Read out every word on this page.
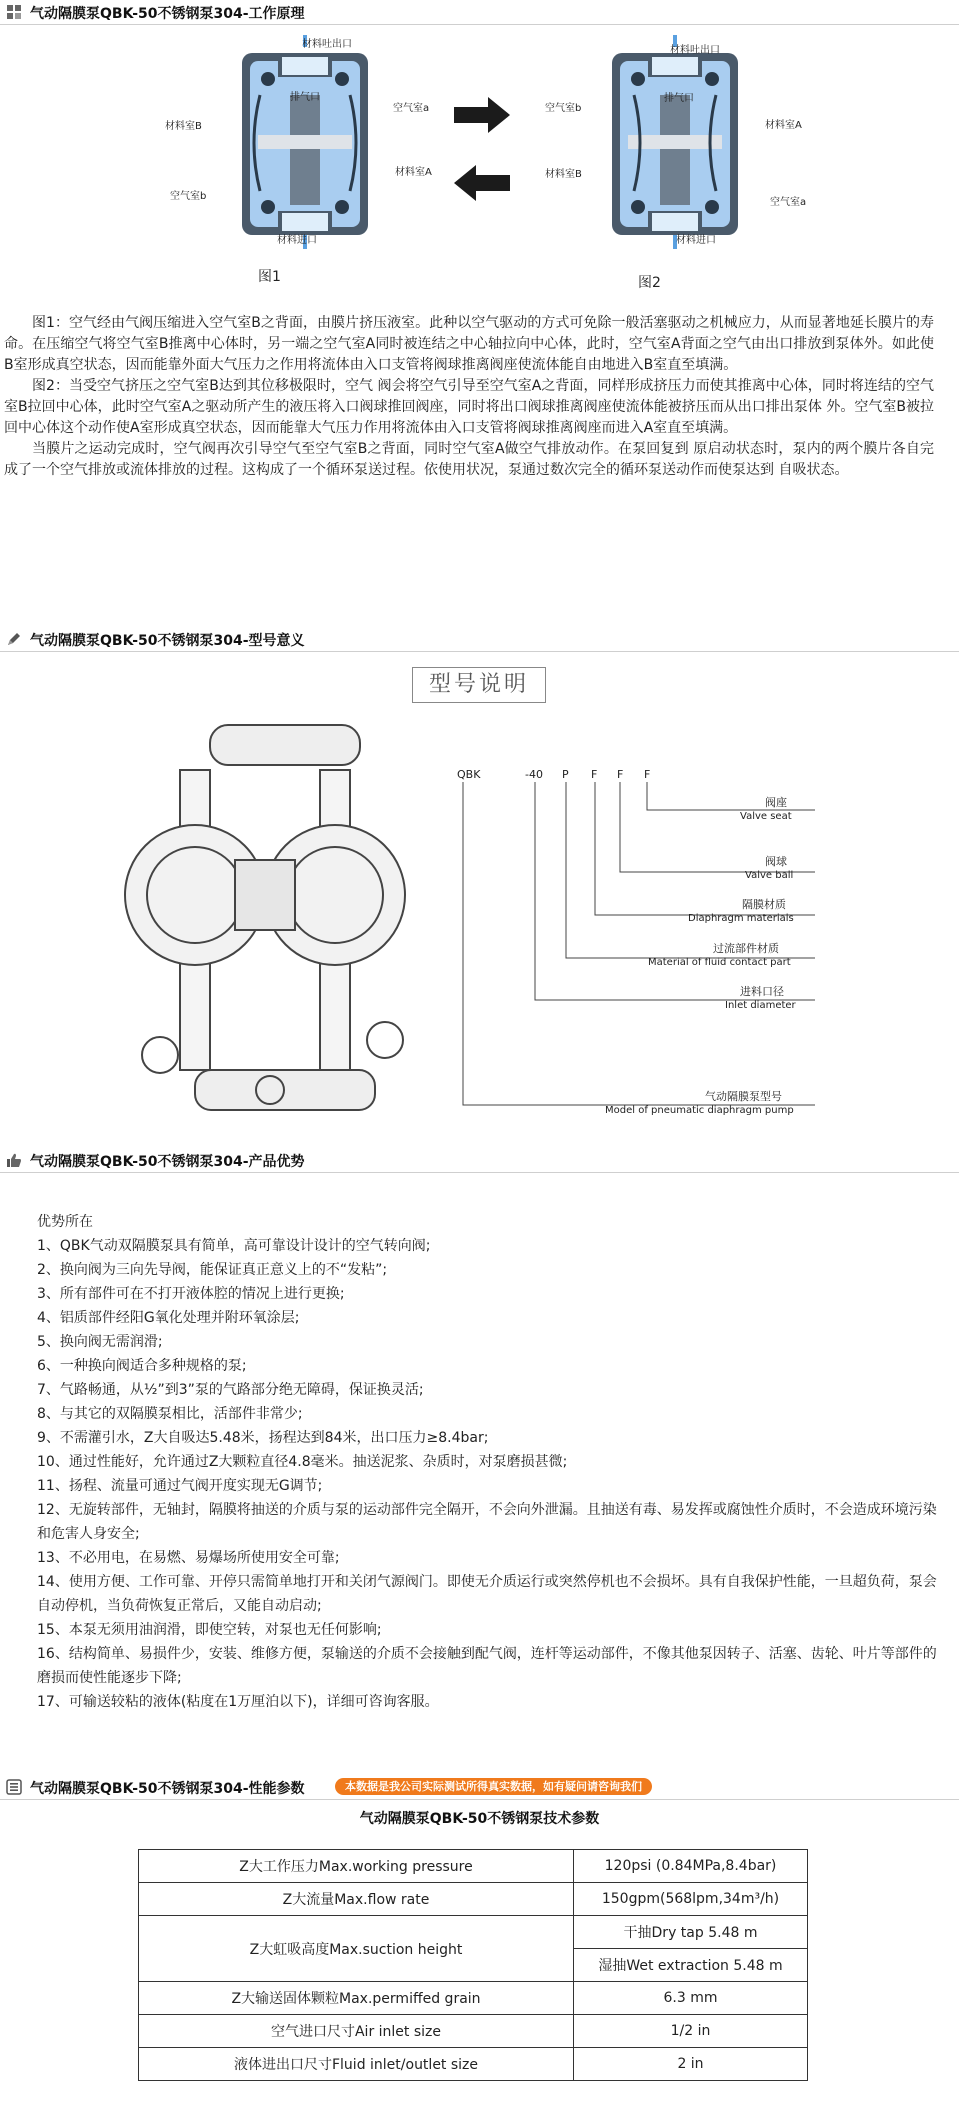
气动隔膜泵QBK-50不锈钢泵304-工作原理
材料吐出口
排气口
空气室a
材料室B
材料室A
空气室b
材料进口
图1
材料吐出口
排气口
空气室b
材料室A
材料室B
空气室a
材料进口
图2

图1：空气经由气阀压缩进入空气室B之背面，由膜片挤压液室。此种以空气驱动的方式可免除一般活塞驱动之机械应力，从而显著地延长膜片的寿命。在压缩空气将空气室B推离中心体时，另一端之空气室A同时被连结之中心轴拉向中心体，此时，空气室A背面之空气由出口排放到泵体外。如此使B室形成真空状态，因而能靠外面大气压力之作用将流体由入口支管将阀球推离阀座使流体能自由地进入B室直至填满。

图2：当受空气挤压之空气室B达到其位移极限时，空气 阀会将空气引导至空气室A之背面，同样形成挤压力而使其推离中心体，同时将连结的空气室B拉回中心体，此时空气室A之驱动所产生的液压将入口阀球推回阀座，同时将出口阀球推离阀座使流体能被挤压而从出口排出泵体 外。空气室B被拉回中心体这个动作使A室形成真空状态，因而能靠大气压力作用将流体由入口支管将阀球推离阀座而进入A室直至填满。

当膜片之运动完成时，空气阀再次引导空气至空气室B之背面，同时空气室A做空气排放动作。在泵回复到 原启动状态时，泵内的两个膜片各自完成了一个空气排放或流体排放的过程。这构成了一个循环泵送过程。依使用状况，泵通过数次完全的循环泵送动作而使泵达到 自吸状态。

气动隔膜泵QBK-50不锈钢泵304-型号意义
型号说明
QBK	-40 P F F F
阀座
Valve seat
阀球
Valve ball
隔膜材质
Diaphragm materials
过流部件材质
Material of fluid contact part
进料口径
Inlet diameter
气动隔膜泵型号
Model of pneumatic diaphragm pump
气动隔膜泵QBK-50不锈钢泵304-产品优势
优势所在
1、QBK气动双隔膜泵具有简单，高可靠设计设计的空气转向阀;
2、换向阀为三向先导阀，能保证真正意义上的不“发粘”;
3、所有部件可在不打开液体腔的情况上进行更换;
4、铝质部件经阳G氧化处理并附环氧涂层;
5、换向阀无需润滑;
6、一种换向阀适合多种规格的泵;
7、气路畅通，从½”到3”泵的气路部分绝无障碍，保证换灵活;
8、与其它的双隔膜泵相比，活部件非常少;
9、不需灌引水，Z大自吸达5.48米，扬程达到84米，出口压力≥8.4bar;
10、通过性能好，允许通过Z大颗粒直径4.8毫米。抽送泥浆、杂质时，对泵磨损甚微;
11、扬程、流量可通过气阀开度实现无G调节;
12、无旋转部件，无轴封，隔膜将抽送的介质与泵的运动部件完全隔开，不会向外泄漏。且抽送有毒、易发挥或腐蚀性介质时，不会造成环境污染和危害人身安全;
13、不必用电，在易燃、易爆场所使用安全可靠;
14、使用方便、工作可靠、开停只需简单地打开和关闭气源阀门。即使无介质运行或突然停机也不会损坏。具有自我保护性能，一旦超负荷，泵会自动停机，当负荷恢复正常后，又能自动启动;
15、本泵无须用油润滑，即使空转，对泵也无任何影响;
16、结构简单、易损件少，安装、维修方便，泵输送的介质不会接触到配气阀，连杆等运动部件，不像其他泵因转子、活塞、齿轮、叶片等部件的磨损而使性能逐步下降;
17、可输送较粘的液体(粘度在1万厘泊以下)，详细可咨询客服。
气动隔膜泵QBK-50不锈钢泵304-性能参数	本数据是我公司实际测试所得真实数据，如有疑问请咨询我们
气动隔膜泵QBK-50不锈钢泵技术参数
Z大工作压力Max.working pressure	120psi (0.84MPa,8.4bar)
Z大流量Max.flow rate	150gpm(568lpm,34m³/h)
Z大虹吸高度Max.suction height	干抽Dry tap 5.48 m
	湿抽Wet extraction 5.48 m
Z大输送固体颗粒Max.permiffed grain	6.3 mm
空气进口尺寸Air inlet size	1/2 in
液体进出口尺寸Fluid inlet/outlet size	2 in
